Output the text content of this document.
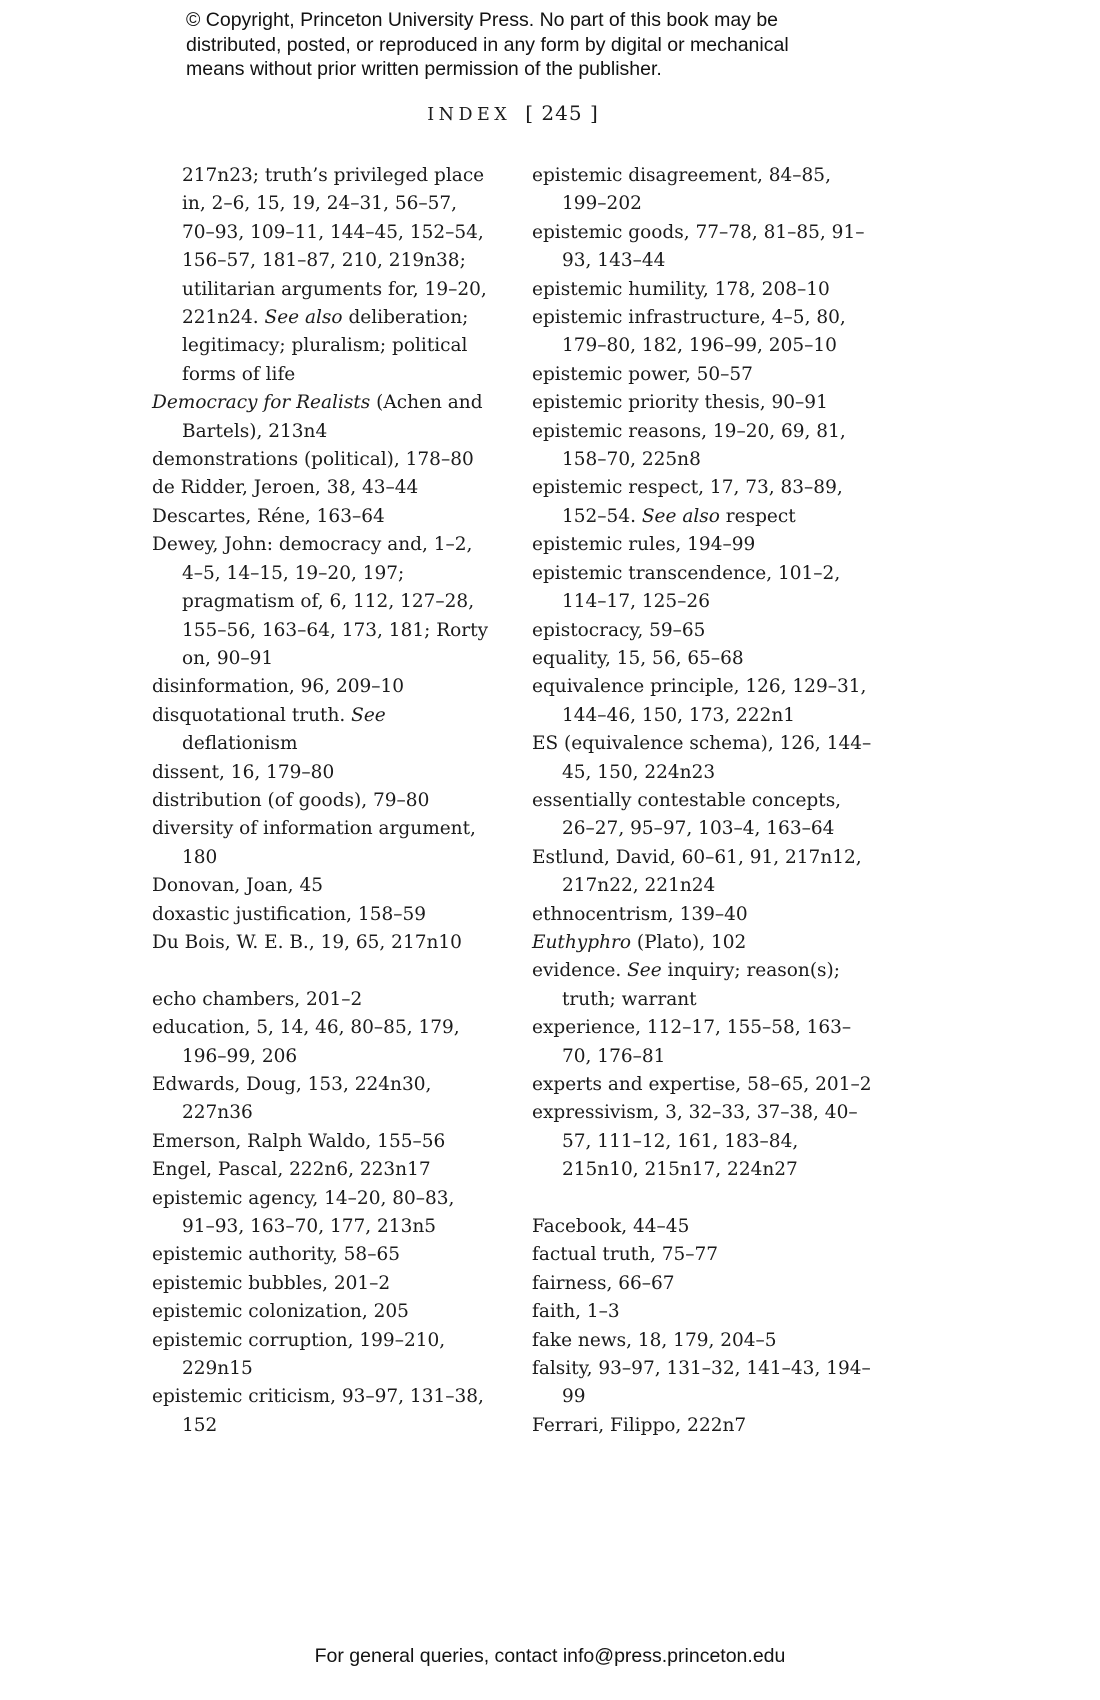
© Copyright, Princeton University Press. No part of this book may be
distributed, posted, or reproduced in any form by digital or mechanical
means without prior written permission of the publisher.
INDEX [ 245 ]
217n23; truth’s privileged place in, 2–6, 15, 19, 24–31, 56–57, 70–93, 109–11, 144–45, 152–54, 156–57, 181–87, 210, 219n38; utilitarian arguments for, 19–20, 221n24. See also deliberation; legitimacy; pluralism; political forms of life
Democracy for Realists (Achen and Bartels), 213n4
demonstrations (political), 178–80
de Ridder, Jeroen, 38, 43–44
Descartes, Réne, 163–64
Dewey, John: democracy and, 1–2, 4–5, 14–15, 19–20, 197; pragmatism of, 6, 112, 127–28, 155–56, 163–64, 173, 181; Rorty on, 90–91
disinformation, 96, 209–10
disquotational truth. See deflationism
dissent, 16, 179–80
distribution (of goods), 79–80
diversity of information argument, 180
Donovan, Joan, 45
doxastic justification, 158–59
Du Bois, W. E. B., 19, 65, 217n10
echo chambers, 201–2
education, 5, 14, 46, 80–85, 179, 196–99, 206
Edwards, Doug, 153, 224n30, 227n36
Emerson, Ralph Waldo, 155–56
Engel, Pascal, 222n6, 223n17
epistemic agency, 14–20, 80–83, 91–93, 163–70, 177, 213n5
epistemic authority, 58–65
epistemic bubbles, 201–2
epistemic colonization, 205
epistemic corruption, 199–210, 229n15
epistemic criticism, 93–97, 131–38, 152
epistemic disagreement, 84–85, 199–202
epistemic goods, 77–78, 81–85, 91–93, 143–44
epistemic humility, 178, 208–10
epistemic infrastructure, 4–5, 80, 179–80, 182, 196–99, 205–10
epistemic power, 50–57
epistemic priority thesis, 90–91
epistemic reasons, 19–20, 69, 81, 158–70, 225n8
epistemic respect, 17, 73, 83–89, 152–54. See also respect
epistemic rules, 194–99
epistemic transcendence, 101–2, 114–17, 125–26
epistocracy, 59–65
equality, 15, 56, 65–68
equivalence principle, 126, 129–31, 144–46, 150, 173, 222n1
ES (equivalence schema), 126, 144–45, 150, 224n23
essentially contestable concepts, 26–27, 95–97, 103–4, 163–64
Estlund, David, 60–61, 91, 217n12, 217n22, 221n24
ethnocentrism, 139–40
Euthyphro (Plato), 102
evidence. See inquiry; reason(s); truth; warrant
experience, 112–17, 155–58, 163–70, 176–81
experts and expertise, 58–65, 201–2
expressivism, 3, 32–33, 37–38, 40–57, 111–12, 161, 183–84, 215n10, 215n17, 224n27
Facebook, 44–45
factual truth, 75–77
fairness, 66–67
faith, 1–3
fake news, 18, 179, 204–5
falsity, 93–97, 131–32, 141–43, 194–99
Ferrari, Filippo, 222n7
For general queries, contact info@press.princeton.edu
